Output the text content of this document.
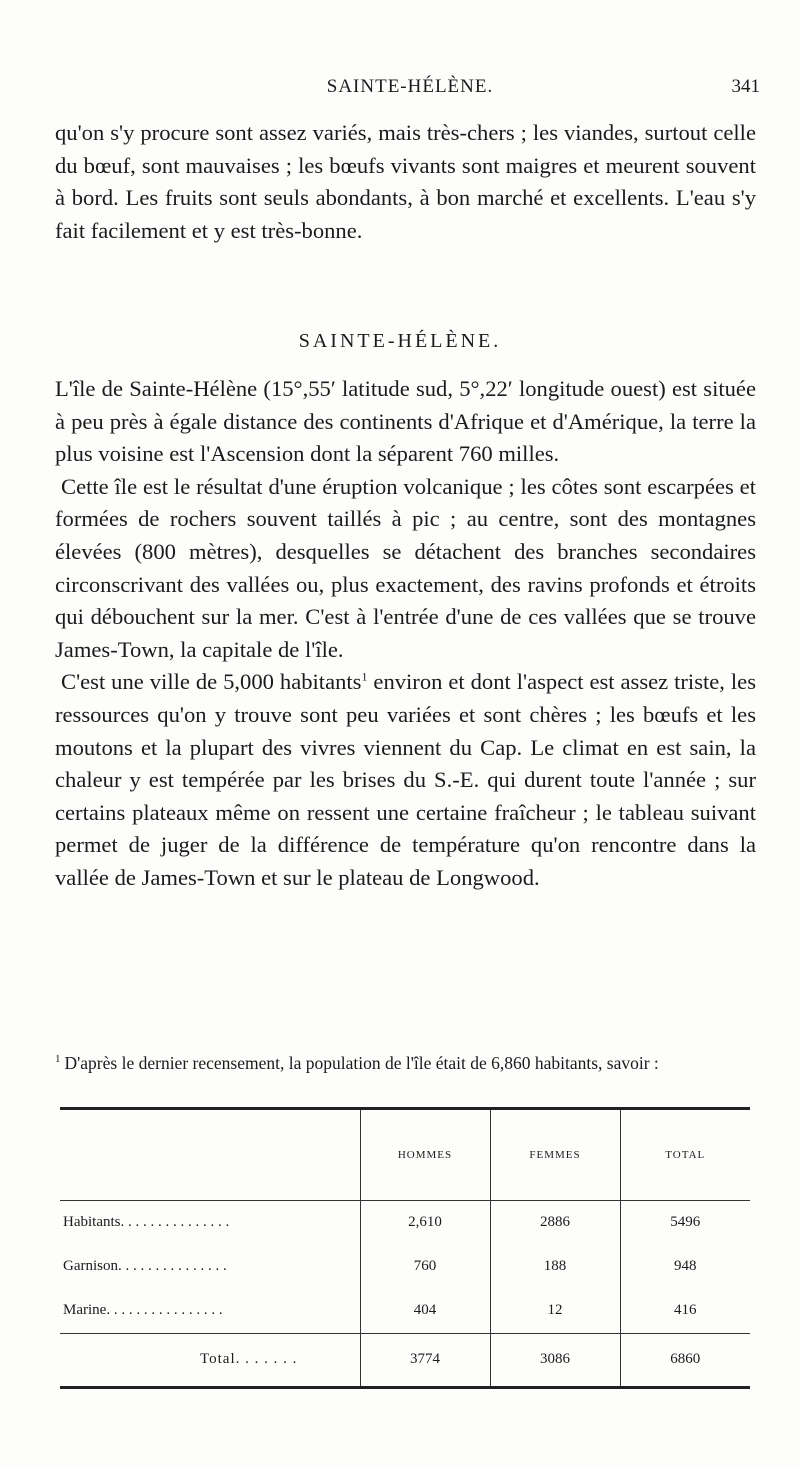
SAINTE-HÉLÈNE.	341

qu'on s'y procure sont assez variés, mais très-chers ; les viandes, surtout celle du bœuf, sont mauvaises ; les bœufs vivants sont maigres et meurent souvent à bord. Les fruits sont seuls abondants, à bon marché et excellents. L'eau s'y fait facilement et y est très-bonne.

SAINTE-HÉLÈNE.

L'île de Sainte-Hélène (15°,55′ latitude sud, 5°,22′ longitude ouest) est située à peu près à égale distance des continents d'Afrique et d'Amérique, la terre la plus voisine est l'Ascension dont la séparent 760 milles.

Cette île est le résultat d'une éruption volcanique ; les côtes sont escarpées et formées de rochers souvent taillés à pic ; au centre, sont des montagnes élevées (800 mètres), desquelles se détachent des branches secondaires circonscrivant des vallées ou, plus exactement, des ravins profonds et étroits qui débouchent sur la mer. C'est à l'entrée d'une de ces vallées que se trouve James-Town, la capitale de l'île.

C'est une ville de 5,000 habitants$^1$ environ et dont l'aspect est assez triste, les ressources qu'on y trouve sont peu variées et sont chères ; les bœufs et les moutons et la plupart des vivres viennent du Cap. Le climat en est sain, la chaleur y est tempérée par les brises du S.-E. qui durent toute l'année ; sur certains plateaux même on ressent une certaine fraîcheur ; le tableau suivant permet de juger de la différence de température qu'on rencontre dans la vallée de James-Town et sur le plateau de Longwood.

$^1$ D'après le dernier recensement, la population de l'île était de 6,860 habitants, savoir :
	HOMMES	FEMMES	TOTAL
Habitants. . . . . . . . . . . . . . .	2,610	2886	5496
Garnison. . . . . . . . . . . . . . .	760	188	948
Marine. . . . . . . . . . . . . . . .	404	12	416
Total. . . . . . .	3774	3086	6860
